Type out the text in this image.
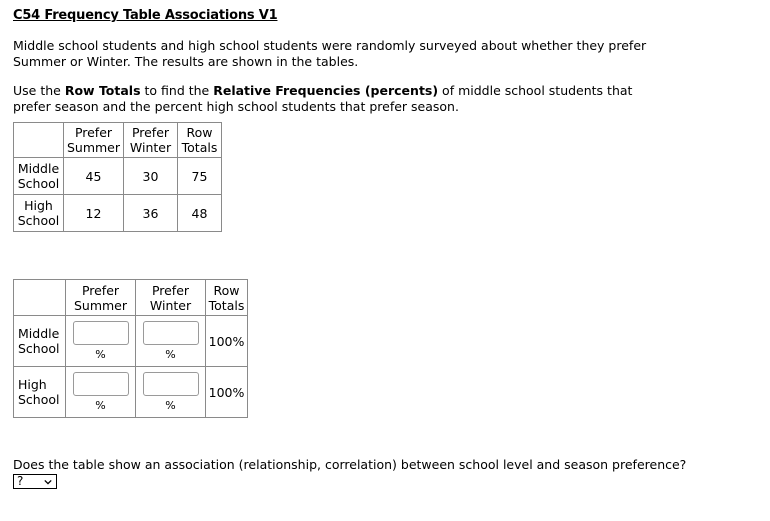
C54 Frequency Table Associations V1
Middle school students and high school students were randomly surveyed about whether they prefer Summer or Winter. The results are shown in the tables.
Use the Row Totals to find the Relative Frequencies (percents) of middle school students that prefer season and the percent high school students that prefer season.
	Prefer Summer	Prefer Winter	Row Totals
Middle School	45	30	75
High School	12	36	48
	Prefer Summer	Prefer Winter	Row Totals
Middle School	%	%	100%
High School	%	%	100%
Does the table show an association (relationship, correlation) between school level and season preference?
?
